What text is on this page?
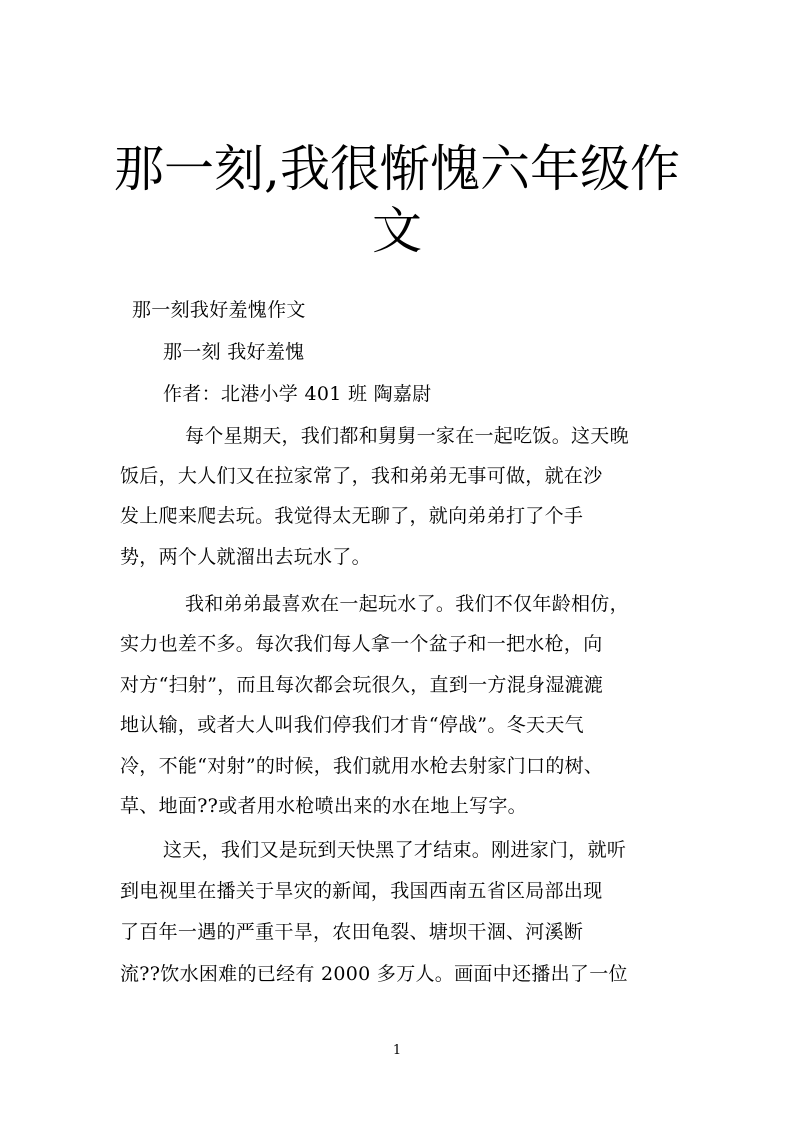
那一刻,我很惭愧六年级作文
那一刻我好羞愧作文
那一刻 我好羞愧
作者：北港小学 401 班 陶嘉尉
每个星期天，我们都和舅舅一家在一起吃饭。这天晚
饭后，大人们又在拉家常了，我和弟弟无事可做，就在沙
发上爬来爬去玩。我觉得太无聊了，就向弟弟打了个手
势，两个人就溜出去玩水了。
我和弟弟最喜欢在一起玩水了。我们不仅年龄相仿，
实力也差不多。每次我们每人拿一个盆子和一把水枪，向
对方“扫射”，而且每次都会玩很久，直到一方混身湿漉漉
地认输，或者大人叫我们停我们才肯“停战”。冬天天气
冷，不能“对射”的时候，我们就用水枪去射家门口的树、
草、地面??或者用水枪喷出来的水在地上写字。
这天，我们又是玩到天快黑了才结束。刚进家门，就听
到电视里在播关于旱灾的新闻，我国西南五省区局部出现
了百年一遇的严重干旱，农田龟裂、塘坝干涸、河溪断
流??饮水困难的已经有 2000 多万人。画面中还播出了一位
1
